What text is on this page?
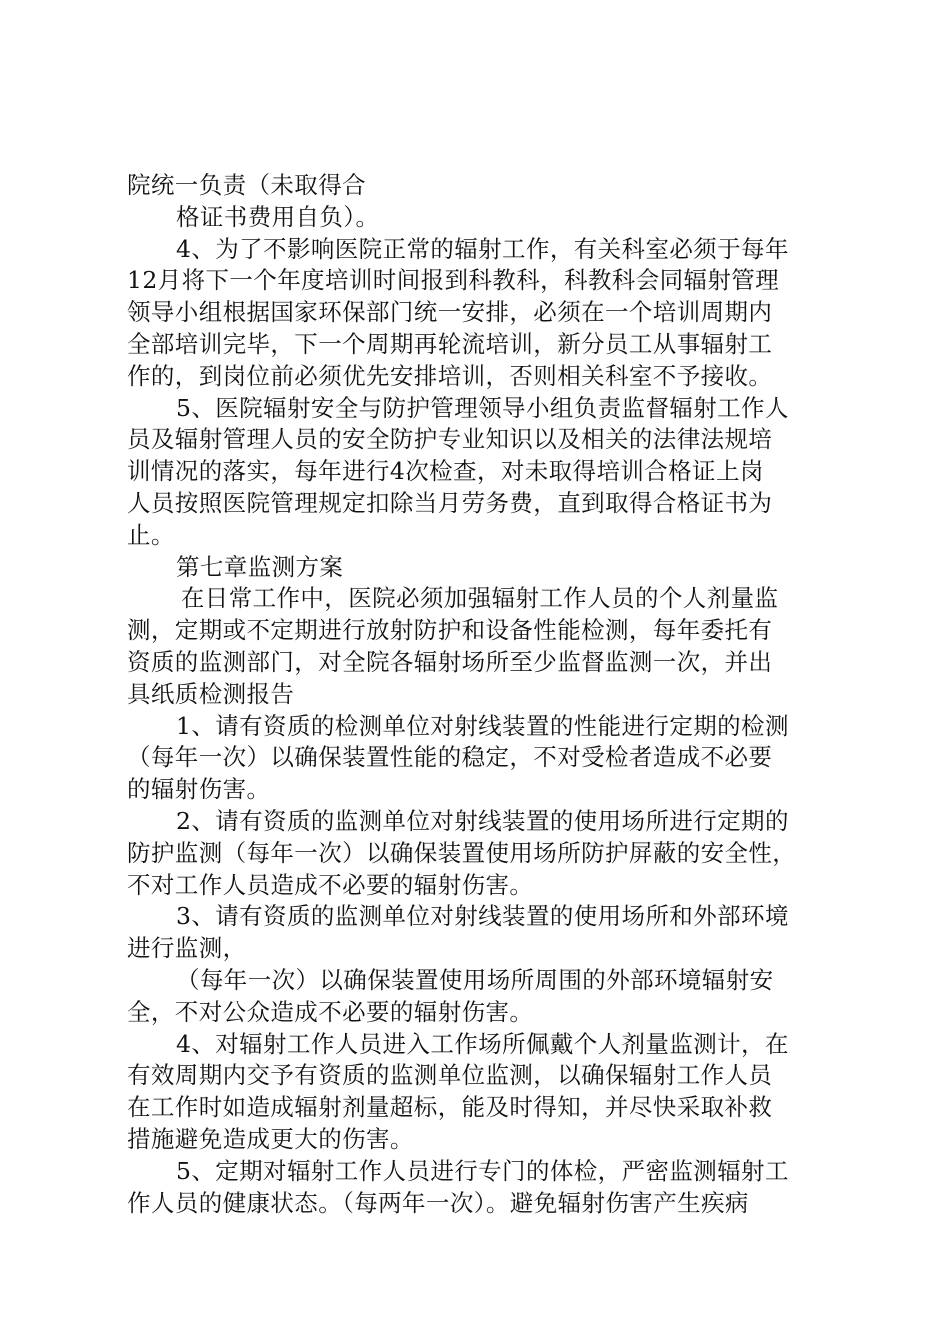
院统一负责（未取得合
格证书费用自负）。
4、为了不影响医院正常的辐射工作，有关科室必须于每年
12月将下一个年度培训时间报到科教科，科教科会同辐射管理
领导小组根据国家环保部门统一安排，必须在一个培训周期内
全部培训完毕，下一个周期再轮流培训，新分员工从事辐射工
作的，到岗位前必须优先安排培训，否则相关科室不予接收。
5、医院辐射安全与防护管理领导小组负责监督辐射工作人
员及辐射管理人员的安全防护专业知识以及相关的法律法规培
训情况的落实，每年进行4次检查，对未取得培训合格证上岗
人员按照医院管理规定扣除当月劳务费，直到取得合格证书为
止。
第七章监测方案
在日常工作中，医院必须加强辐射工作人员的个人剂量监
测，定期或不定期进行放射防护和设备性能检测，每年委托有
资质的监测部门，对全院各辐射场所至少监督监测一次，并出
具纸质检测报告
1、请有资质的检测单位对射线装置的性能进行定期的检测
（每年一次）以确保装置性能的稳定，不对受检者造成不必要
的辐射伤害。
2、请有资质的监测单位对射线装置的使用场所进行定期的
防护监测（每年一次）以确保装置使用场所防护屏蔽的安全性，
不对工作人员造成不必要的辐射伤害。
3、请有资质的监测单位对射线装置的使用场所和外部环境
进行监测，
（每年一次）以确保装置使用场所周围的外部环境辐射安
全，不对公众造成不必要的辐射伤害。
4、对辐射工作人员进入工作场所佩戴个人剂量监测计，在
有效周期内交予有资质的监测单位监测，以确保辐射工作人员
在工作时如造成辐射剂量超标，能及时得知，并尽快采取补救
措施避免造成更大的伤害。
5、定期对辐射工作人员进行专门的体检，严密监测辐射工
作人员的健康状态。（每两年一次）。避免辐射伤害产生疾病
